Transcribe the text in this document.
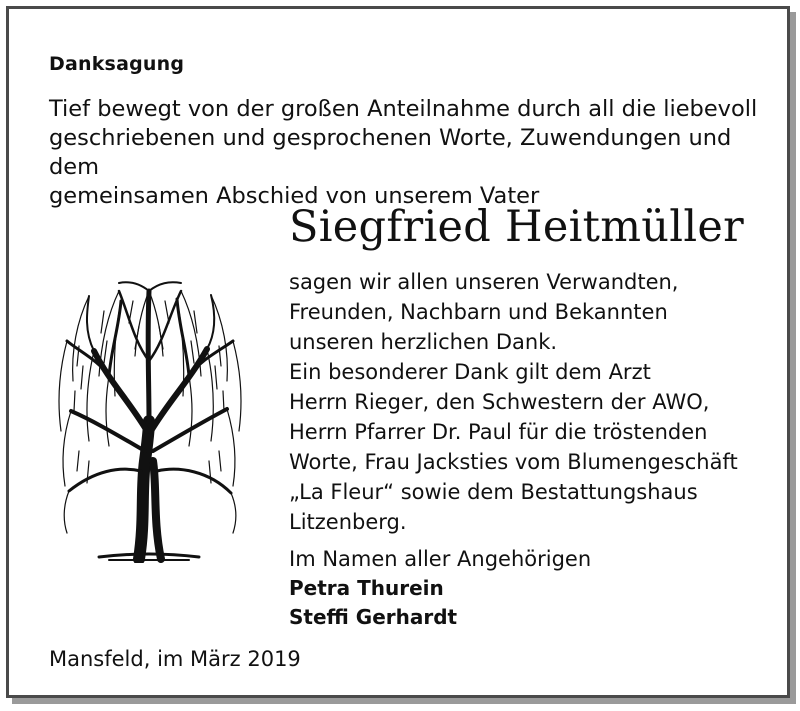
Danksagung
Tief bewegt von der großen Anteilnahme durch all die liebevoll
geschriebenen und gesprochenen Worte, Zuwendungen und dem
gemeinsamen Abschied von unserem Vater
Siegfried Heitmüller
sagen wir allen unseren Verwandten,
Freunden, Nachbarn und Bekannten
unseren herzlichen Dank.
Ein besonderer Dank gilt dem Arzt
Herrn Rieger, den Schwestern der AWO,
Herrn Pfarrer Dr. Paul für die tröstenden
Worte, Frau Jacksties vom Blumengeschäft
„La Fleur“ sowie dem Bestattungshaus
Litzenberg.
Im Namen aller Angehörigen
Petra Thurein
Steffi Gerhardt
Mansfeld, im März 2019
